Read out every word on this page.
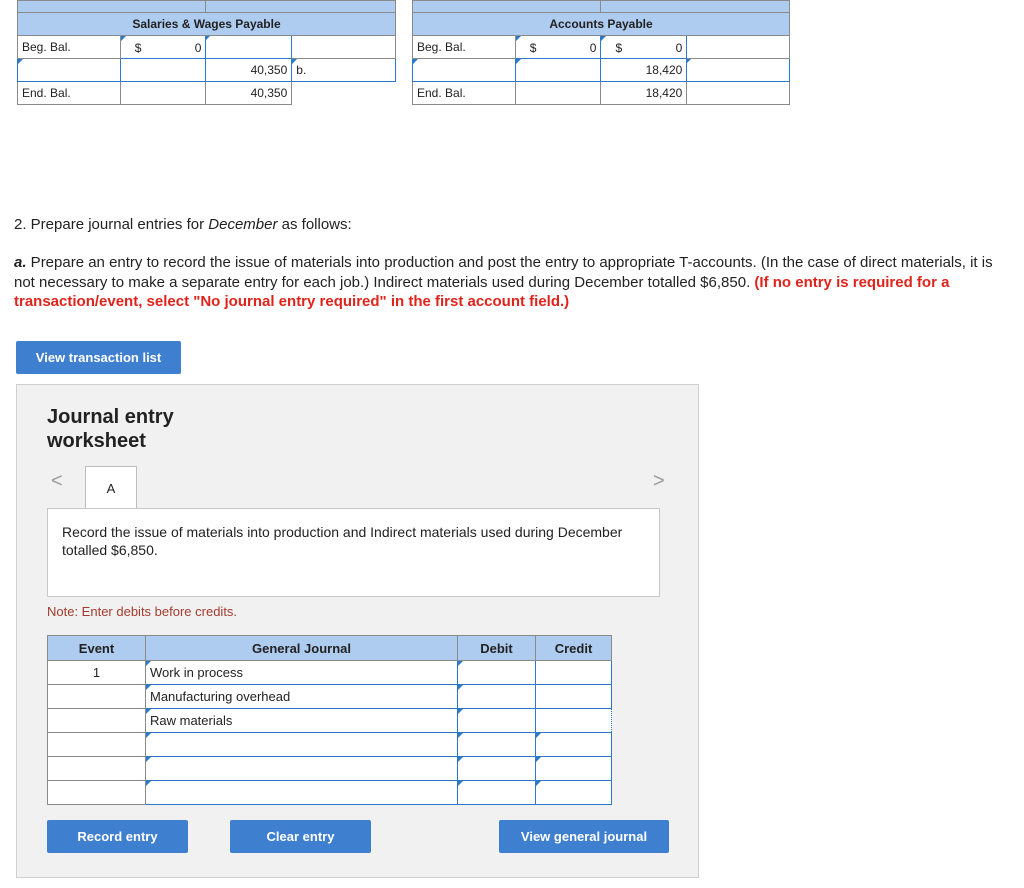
Salaries & Wages Payable			
Beg. Bal.	$ 0		

		40,350	b.
End. Bal.		40,350	

Accounts Payable			
Beg. Bal.	$ 0	$ 0	

		18,420

End. Bal.		18,420	
2. Prepare journal entries for December as follows:
a. Prepare an entry to record the issue of materials into production and post the entry to appropriate T-accounts. (In the case of direct materials, it is not necessary to make a separate entry for each job.) Indirect materials used during December totalled $6,850. (If no entry is required for a transaction/event, select "No journal entry required" in the first account field.)
View transaction list
Journal entry worksheet
<	A	>
Record the issue of materials into production and Indirect materials used during December totalled $6,850.
Note: Enter debits before credits.
Event	General Journal	Debit	Credit
1	Work in process		
	Manufacturing overhead		
	Raw materials		

Record entry	Clear entry	View general journal
